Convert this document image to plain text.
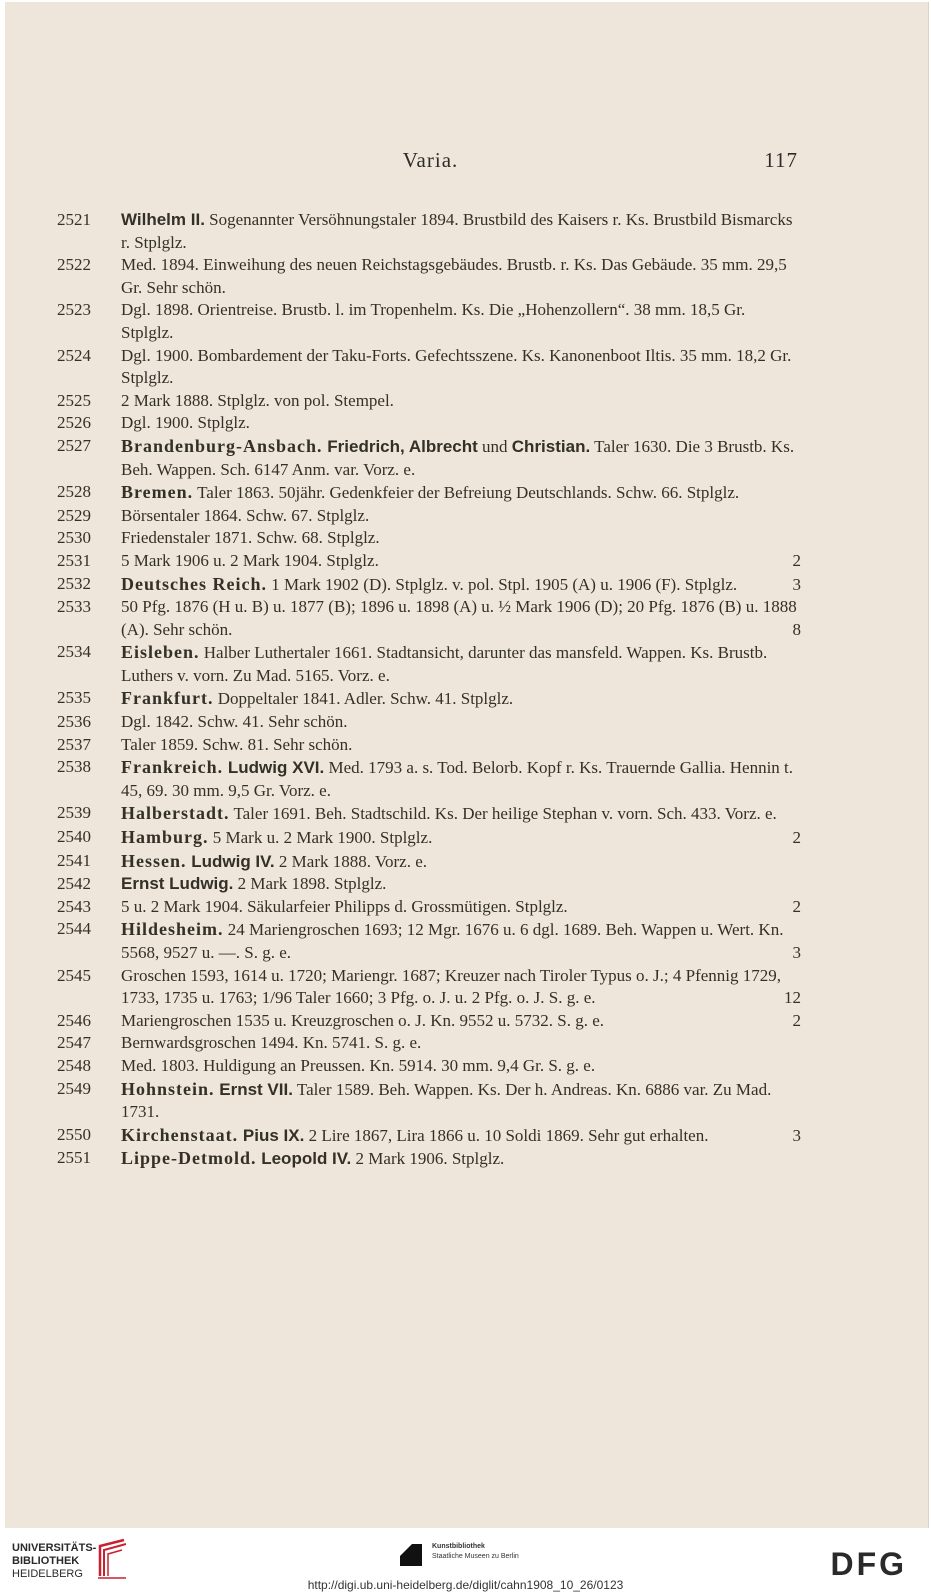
Varia.	117
2521	Wilhelm II. Sogenannter Versöhnungstaler 1894. Brustbild des Kaisers r. Ks. Brustbild Bismarcks r. Stplglz.
2522	Med. 1894. Einweihung des neuen Reichstagsgebäudes. Brustb. r. Ks. Das Gebäude. 35 mm. 29,5 Gr. Sehr schön.
2523	Dgl. 1898. Orientreise. Brustb. l. im Tropenhelm. Ks. Die „Hohenzollern“. 38 mm. 18,5 Gr. Stplglz.
2524	Dgl. 1900. Bombardement der Taku-Forts. Gefechtsszene. Ks. Kanonenboot Iltis. 35 mm. 18,2 Gr. Stplglz.
2525	2 Mark 1888. Stplglz. von pol. Stempel.
2526	Dgl. 1900. Stplglz.
2527	Brandenburg-Ansbach. Friedrich, Albrecht und Christian. Taler 1630. Die 3 Brustb. Ks. Beh. Wappen. Sch. 6147 Anm. var. Vorz. e.
2528	Bremen. Taler 1863. 50jähr. Gedenkfeier der Befreiung Deutschlands. Schw. 66. Stplglz.
2529	Börsentaler 1864. Schw. 67. Stplglz.
2530	Friedenstaler 1871. Schw. 68. Stplglz.
2531	5 Mark 1906 u. 2 Mark 1904. Stplglz.	2
2532	Deutsches Reich. 1 Mark 1902 (D). Stplglz. v. pol. Stpl. 1905 (A) u. 1906 (F). Stplglz.	3
2533	50 Pfg. 1876 (H u. B) u. 1877 (B); 1896 u. 1898 (A) u. ½ Mark 1906 (D); 20 Pfg. 1876 (B) u. 1888 (A). Sehr schön.	8
2534	Eisleben. Halber Luthertaler 1661. Stadtansicht, darunter das mansfeld. Wappen. Ks. Brustb. Luthers v. vorn. Zu Mad. 5165. Vorz. e.
2535	Frankfurt. Doppeltaler 1841. Adler. Schw. 41. Stplglz.
2536	Dgl. 1842. Schw. 41. Sehr schön.
2537	Taler 1859. Schw. 81. Sehr schön.
2538	Frankreich. Ludwig XVI. Med. 1793 a. s. Tod. Belorb. Kopf r. Ks. Trauernde Gallia. Hennin t. 45, 69. 30 mm. 9,5 Gr. Vorz. e.
2539	Halberstadt. Taler 1691. Beh. Stadtschild. Ks. Der heilige Stephan v. vorn. Sch. 433. Vorz. e.
2540	Hamburg. 5 Mark u. 2 Mark 1900. Stplglz.	2
2541	Hessen. Ludwig IV. 2 Mark 1888. Vorz. e.
2542	Ernst Ludwig. 2 Mark 1898. Stplglz.
2543	5 u. 2 Mark 1904. Säkularfeier Philipps d. Grossmütigen. Stplglz.	2
2544	Hildesheim. 24 Mariengroschen 1693; 12 Mgr. 1676 u. 6 dgl. 1689. Beh. Wappen u. Wert. Kn. 5568, 9527 u. —. S. g. e.	3
2545	Groschen 1593, 1614 u. 1720; Mariengr. 1687; Kreuzer nach Tiroler Typus o. J.; 4 Pfennig 1729, 1733, 1735 u. 1763; 1/96 Taler 1660; 3 Pfg. o. J. u. 2 Pfg. o. J. S. g. e.	12
2546	Mariengroschen 1535 u. Kreuzgroschen o. J. Kn. 9552 u. 5732. S. g. e.	2
2547	Bernwardsgroschen 1494. Kn. 5741. S. g. e.
2548	Med. 1803. Huldigung an Preussen. Kn. 5914. 30 mm. 9,4 Gr. S. g. e.
2549	Hohnstein. Ernst VII. Taler 1589. Beh. Wappen. Ks. Der h. Andreas. Kn. 6886 var. Zu Mad. 1731.
2550	Kirchenstaat. Pius IX. 2 Lire 1867, Lira 1866 u. 10 Soldi 1869. Sehr gut erhalten.	3
2551	Lippe-Detmold. Leopold IV. 2 Mark 1906. Stplglz.
UNIVERSITÄTS-
BIBLIOTHEK
HEIDELBERG
Kunstbibliothek
Staatliche Museen zu Berlin	DFG
http://digi.ub.uni-heidelberg.de/diglit/cahn1908_10_26/0123
